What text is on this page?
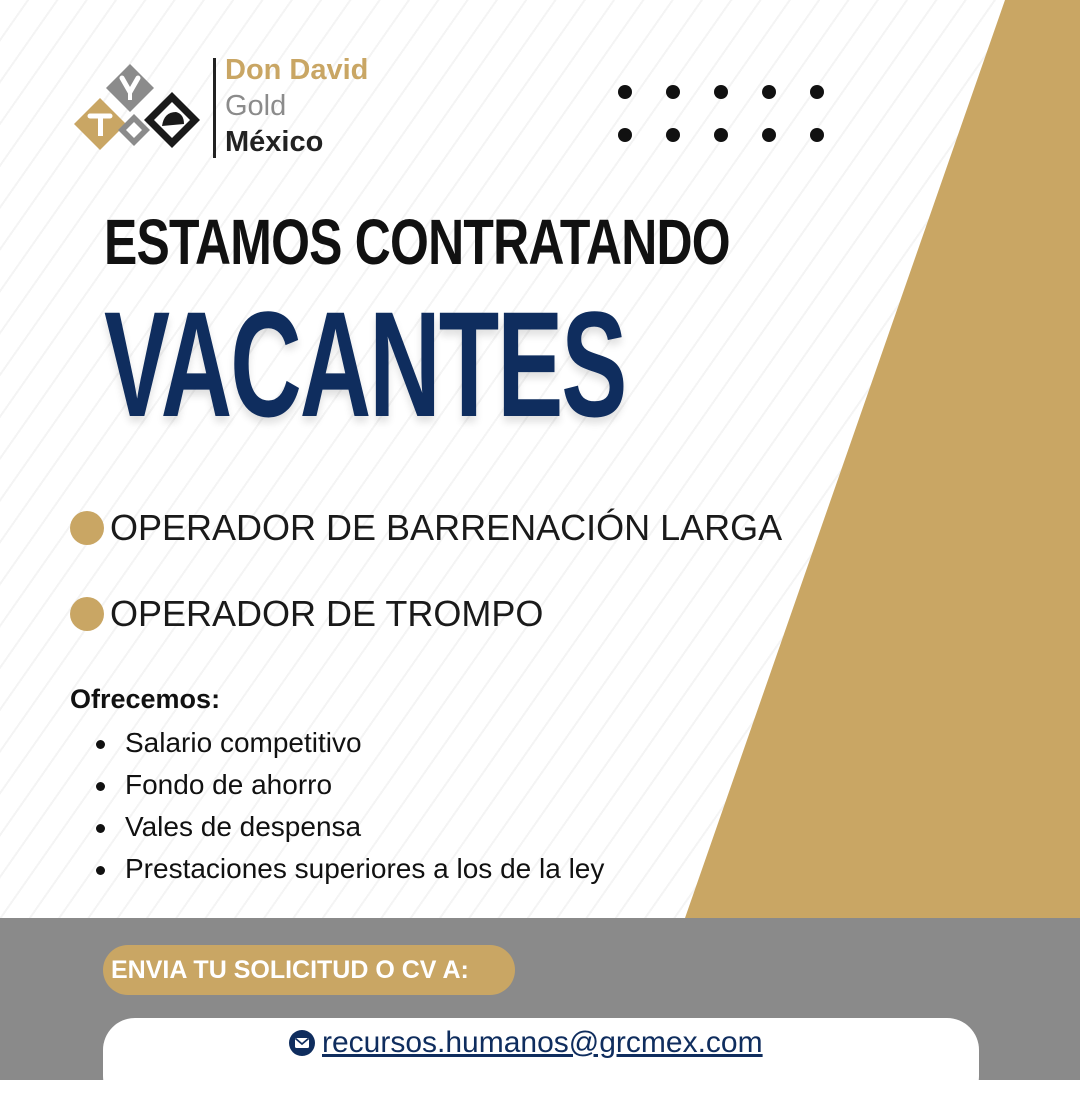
Don David
Gold
México
ESTAMOS CONTRATANDO
VACANTES
OPERADOR DE BARRENACIÓN LARGA
OPERADOR DE TROMPO
Ofrecemos:
Salario competitivo
Fondo de ahorro
Vales de despensa
Prestaciones superiores a los de la ley
ENVIA TU SOLICITUD O CV A:
recursos.humanos@grcmex.com
